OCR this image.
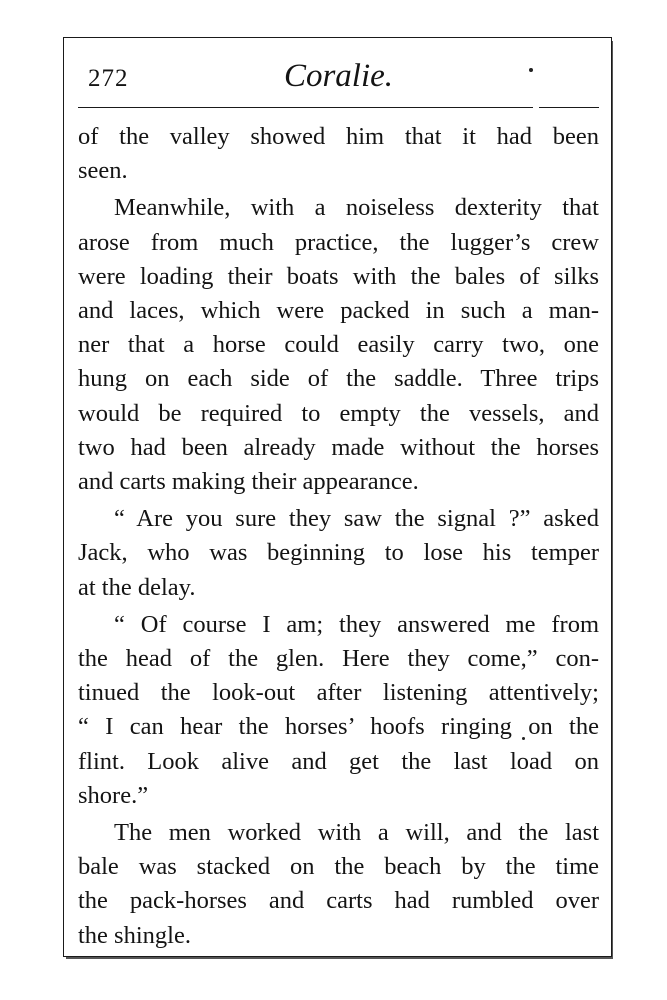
272	Coralie.
of the valley showed him that it had been
seen.
Meanwhile, with a noiseless dexterity that
arose from much practice, the lugger’s crew
were loading their boats with the bales of silks
and laces, which were packed in such a man-
ner that a horse could easily carry two, one
hung on each side of the saddle. Three trips
would be required to empty the vessels, and
two had been already made without the horses
and carts making their appearance.
“ Are you sure they saw the signal ?” asked
Jack, who was beginning to lose his temper
at the delay.
“ Of course I am; they answered me from
the head of the glen. Here they come,” con-
tinued the look-out after listening attentively;
“ I can hear the horses’ hoofs ringing on the
flint. Look alive and get the last load on
shore.”
The men worked with a will, and the last
bale was stacked on the beach by the time
the pack-horses and carts had rumbled over
the shingle.
